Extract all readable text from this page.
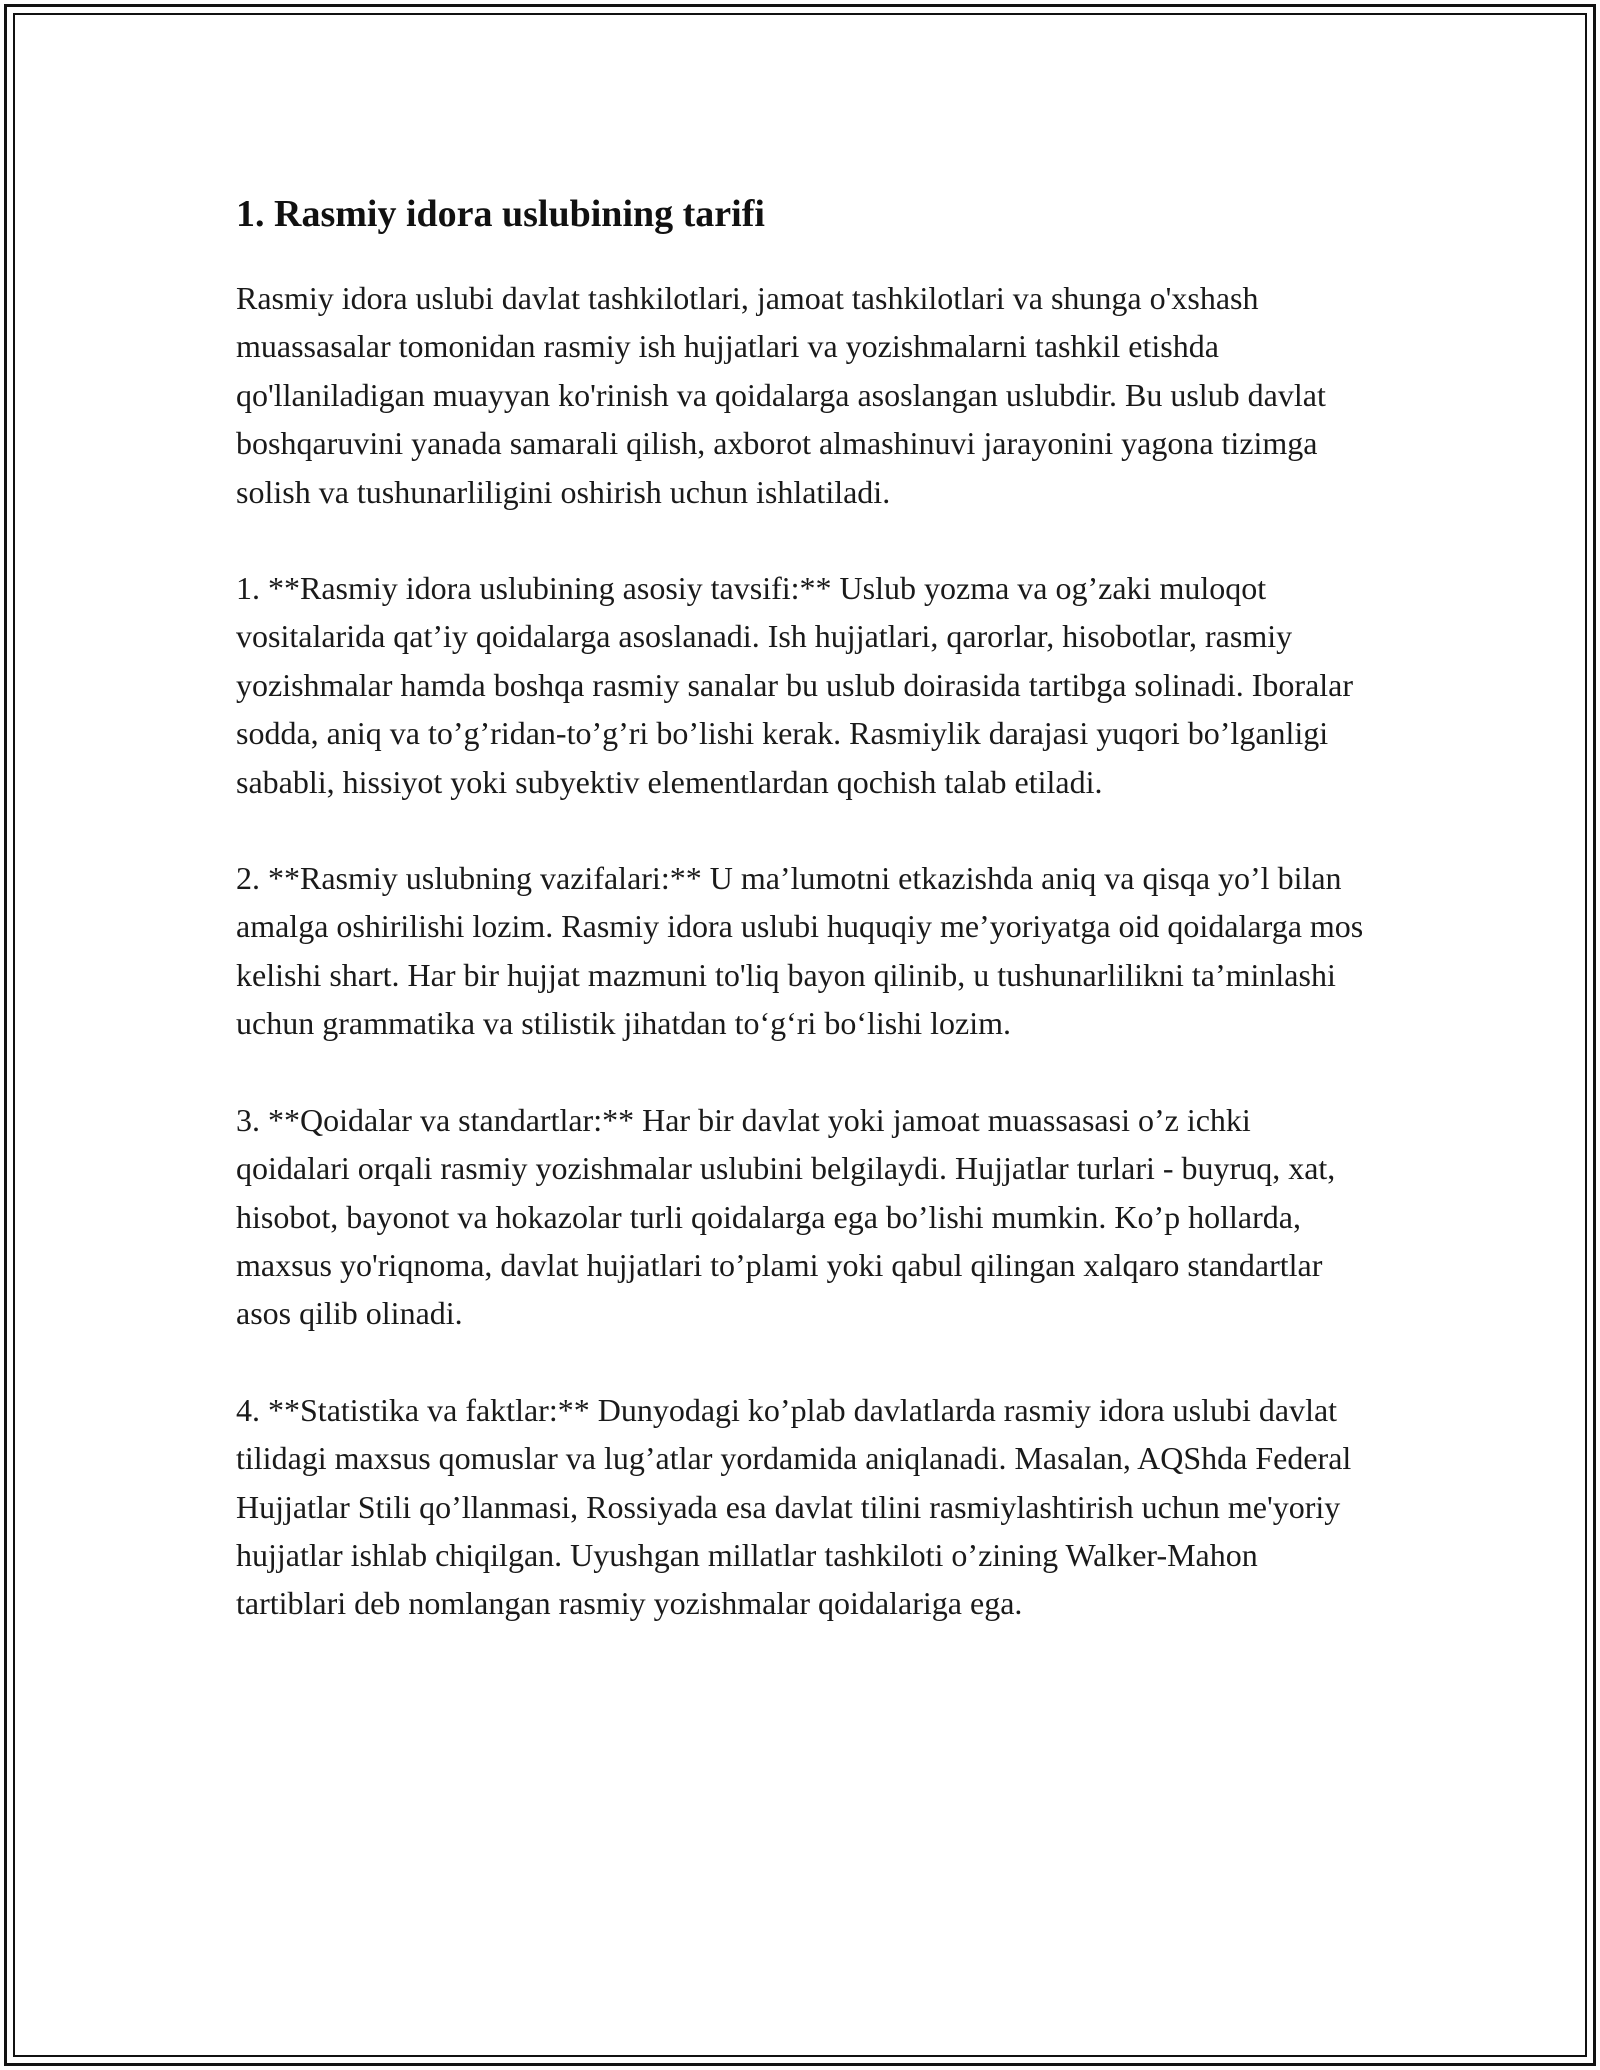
1. Rasmiy idora uslubining tarifi

Rasmiy idora uslubi davlat tashkilotlari, jamoat tashkilotlari va shunga o'xshash muassasalar tomonidan rasmiy ish hujjatlari va yozishmalarni tashkil etishda qo'llaniladigan muayyan ko'rinish va qoidalarga asoslangan uslubdir. Bu uslub davlat boshqaruvini yanada samarali qilish, axborot almashinuvi jarayonini yagona tizimga solish va tushunarliligini oshirish uchun ishlatiladi.

1. **Rasmiy idora uslubining asosiy tavsifi:** Uslub yozma va og’zaki muloqot vositalarida qat’iy qoidalarga asoslanadi. Ish hujjatlari, qarorlar, hisobotlar, rasmiy yozishmalar hamda boshqa rasmiy sanalar bu uslub doirasida tartibga solinadi. Iboralar sodda, aniq va to’g’ridan-to’g’ri bo’lishi kerak. Rasmiylik darajasi yuqori bo’lganligi sababli, hissiyot yoki subyektiv elementlardan qochish talab etiladi.

2. **Rasmiy uslubning vazifalari:** U ma’lumotni etkazishda aniq va qisqa yo’l bilan amalga oshirilishi lozim. Rasmiy idora uslubi huquqiy me’yoriyatga oid qoidalarga mos kelishi shart. Har bir hujjat mazmuni to'liq bayon qilinib, u tushunarlilikni ta’minlashi uchun grammatika va stilistik jihatdan to‘g‘ri bo‘lishi lozim.

3. **Qoidalar va standartlar:** Har bir davlat yoki jamoat muassasasi o’z ichki qoidalari orqali rasmiy yozishmalar uslubini belgilaydi. Hujjatlar turlari - buyruq, xat, hisobot, bayonot va hokazolar turli qoidalarga ega bo’lishi mumkin. Ko’p hollarda, maxsus yo'riqnoma, davlat hujjatlari to’plami yoki qabul qilingan xalqaro standartlar asos qilib olinadi.

4. **Statistika va faktlar:** Dunyodagi ko’plab davlatlarda rasmiy idora uslubi davlat tilidagi maxsus qomuslar va lug’atlar yordamida aniqlanadi. Masalan, AQShda Federal Hujjatlar Stili qo’llanmasi, Rossiyada esa davlat tilini rasmiylashtirish uchun me'yoriy hujjatlar ishlab chiqilgan. Uyushgan millatlar tashkiloti o’zining Walker-Mahon tartiblari deb nomlangan rasmiy yozishmalar qoidalariga ega.
